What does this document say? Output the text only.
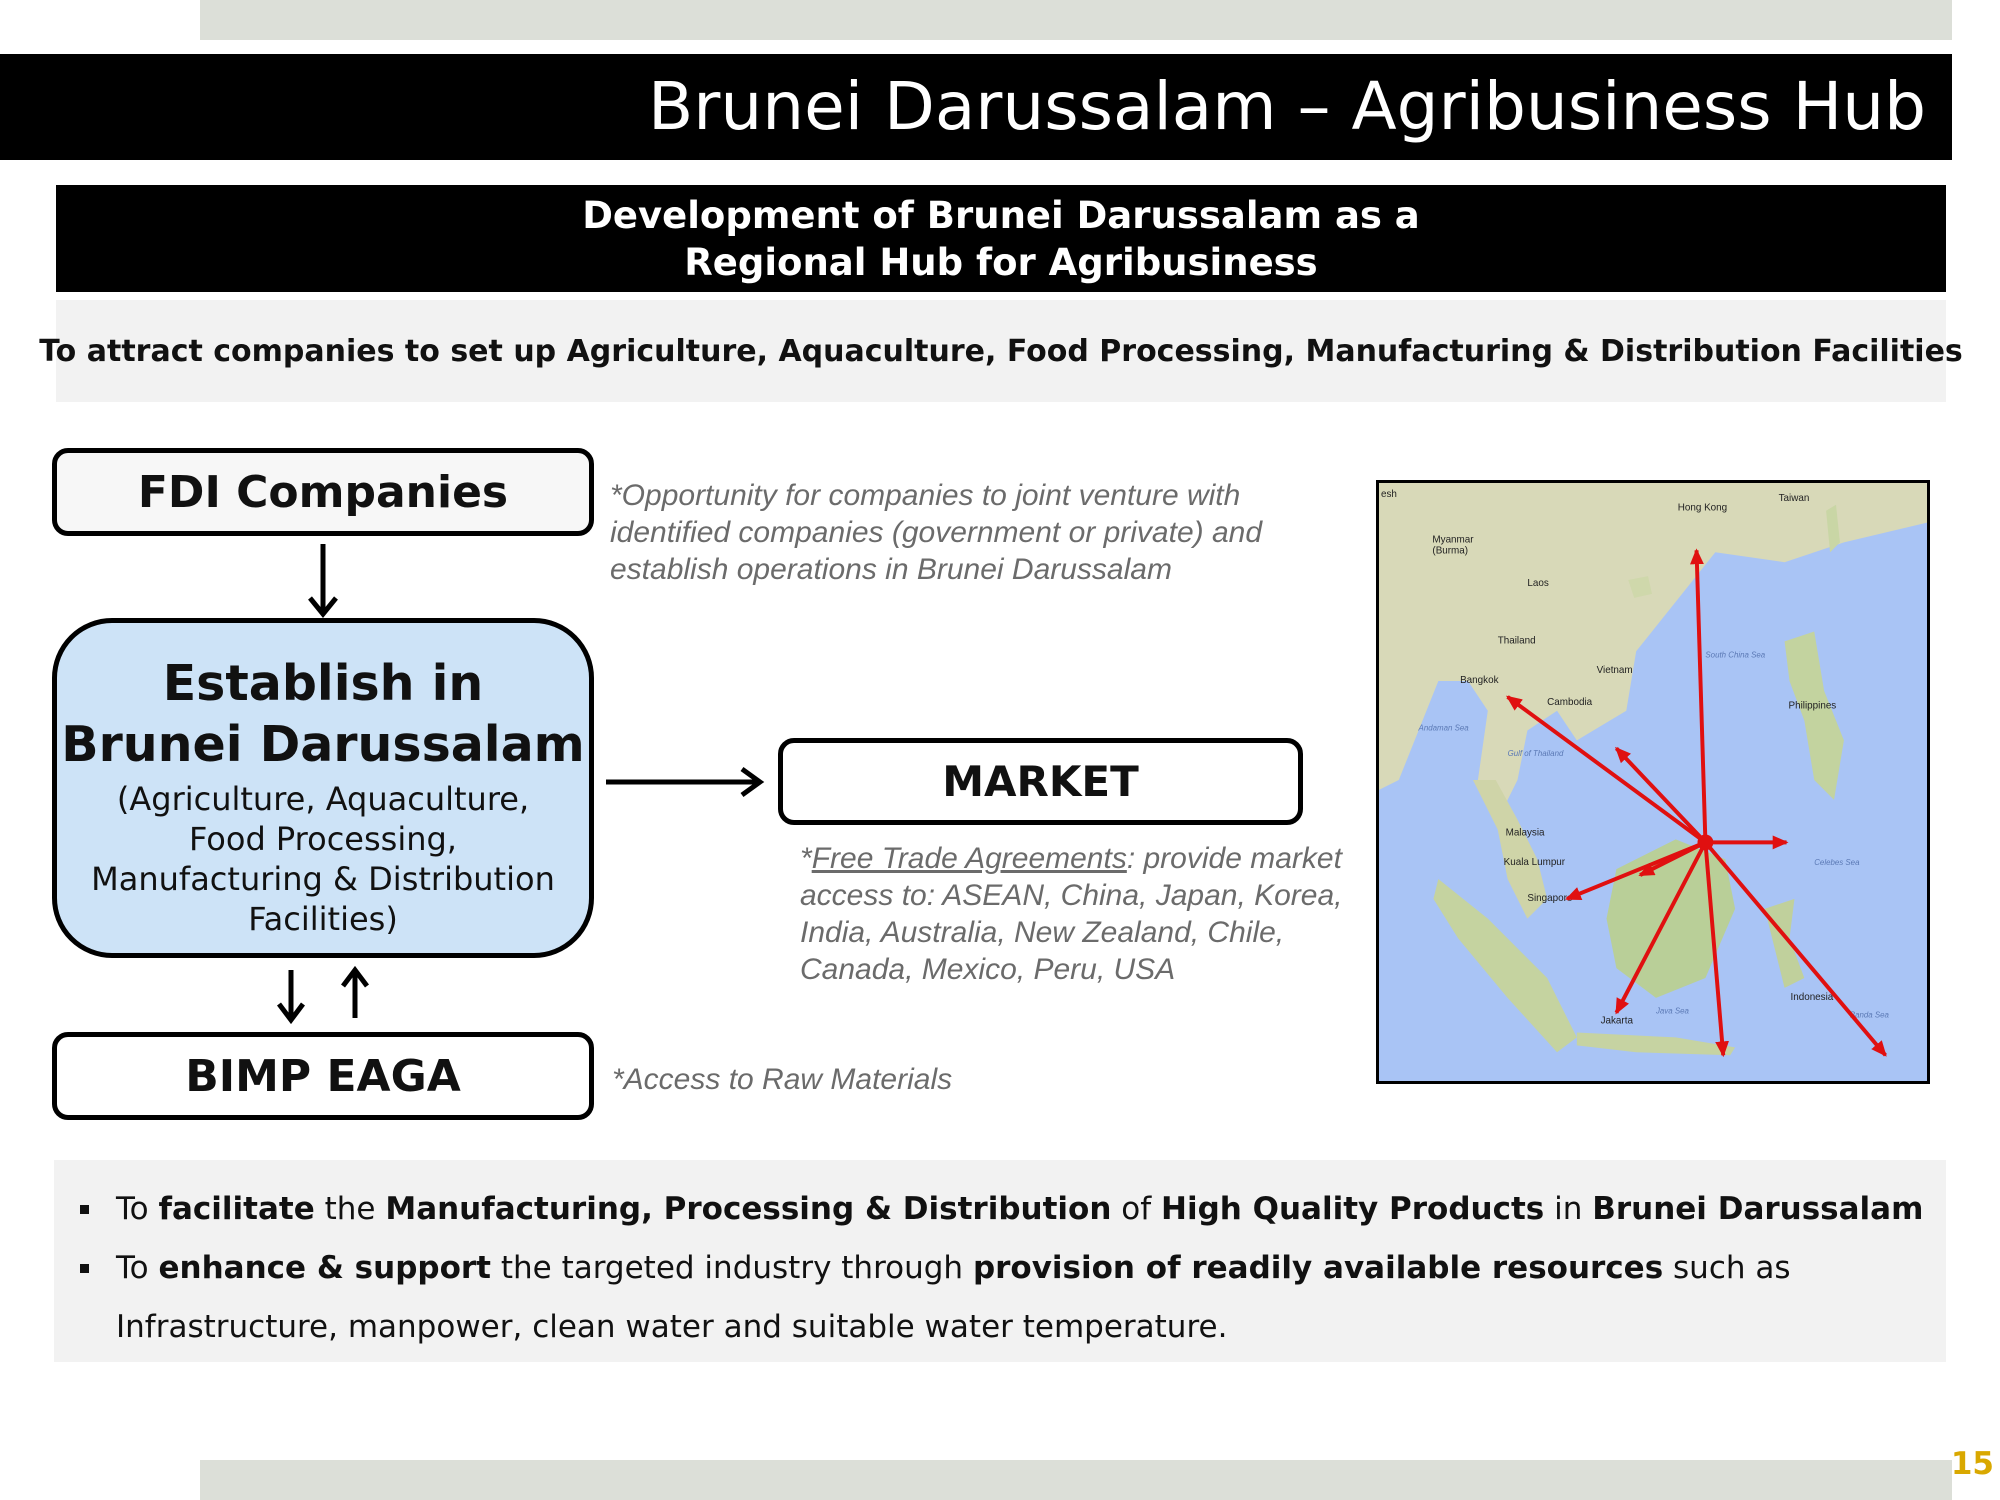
Brunei Darussalam – Agribusiness Hub
Development of Brunei Darussalam as a
Regional Hub for Agribusiness
To attract companies to set up Agriculture, Aquaculture, Food Processing, Manufacturing & Distribution Facilities
FDI Companies
Establish in
Brunei Darussalam
(Agriculture, Aquaculture,
Food Processing,
Manufacturing & Distribution
Facilities)
MARKET
BIMP EAGA
*Opportunity for companies to joint venture with
identified companies (government or private) and
establish operations in Brunei Darussalam
*Free Trade Agreements: provide market
access to: ASEAN, China, Japan, Korea,
India, Australia, New Zealand, Chile,
Canada, Mexico, Peru, USA
*Access to Raw Materials
esh
Myanmar (Burma)
Laos
Thailand
Bangkok
Vietnam
Cambodia
Hong Kong
Taiwan
Philippines
Malaysia
Kuala Lumpur
Singapore
Jakarta
Indonesia
Andaman Sea
Gulf of Thailand
South China Sea
Java Sea
Celebes Sea
Banda Sea
To facilitate the Manufacturing, Processing & Distribution of High Quality Products in Brunei Darussalam
To enhance & support the targeted industry through provision of readily available resources such as
Infrastructure, manpower, clean water and suitable water temperature.
15
